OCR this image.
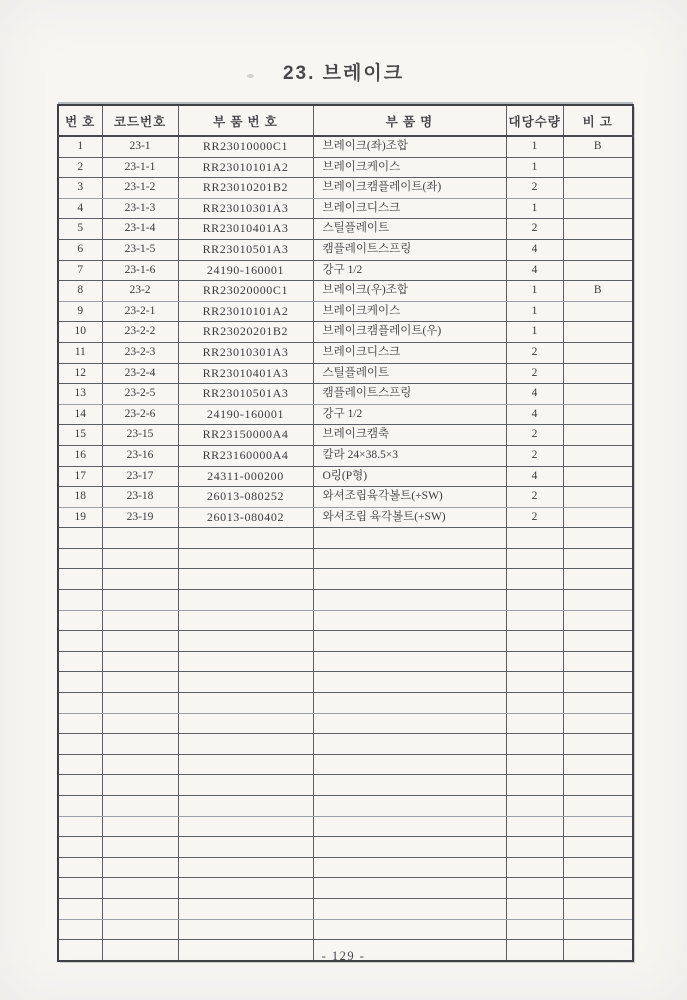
23. 브레이크
번 호	코드번호	부 품 번 호	부 품 명	대당수량	비 고
1	23-1	RR23010000C1	브레이크(좌)조합	1	B
2	23-1-1	RR23010101A2	브레이크케이스	1	
3	23-1-2	RR23010201B2	브레이크캠플레이트(좌)	2	
4	23-1-3	RR23010301A3	브레이크디스크	1	
5	23-1-4	RR23010401A3	스틸플레이트	2	
6	23-1-5	RR23010501A3	캠플레이트스프링	4	
7	23-1-6	24190-160001	강구 1/2	4	
8	23-2	RR23020000C1	브레이크(우)조합	1	B
9	23-2-1	RR23010101A2	브레이크케이스	1	
10	23-2-2	RR23020201B2	브레이크캠플레이트(우)	1	
11	23-2-3	RR23010301A3	브레이크디스크	2	
12	23-2-4	RR23010401A3	스틸플레이트	2	
13	23-2-5	RR23010501A3	캠플레이트스프링	4	
14	23-2-6	24190-160001	강구 1/2	4	
15	23-15	RR23150000A4	브레이크캠축	2	
16	23-16	RR23160000A4	칼라 24×38.5×3	2	
17	23-17	24311-000200	O링(P형)	4	
18	23-18	26013-080252	와셔조립육각볼트(+SW)	2	
19	23-19	26013-080402	와셔조립 육각볼트(+SW)	2	

- 129 -
